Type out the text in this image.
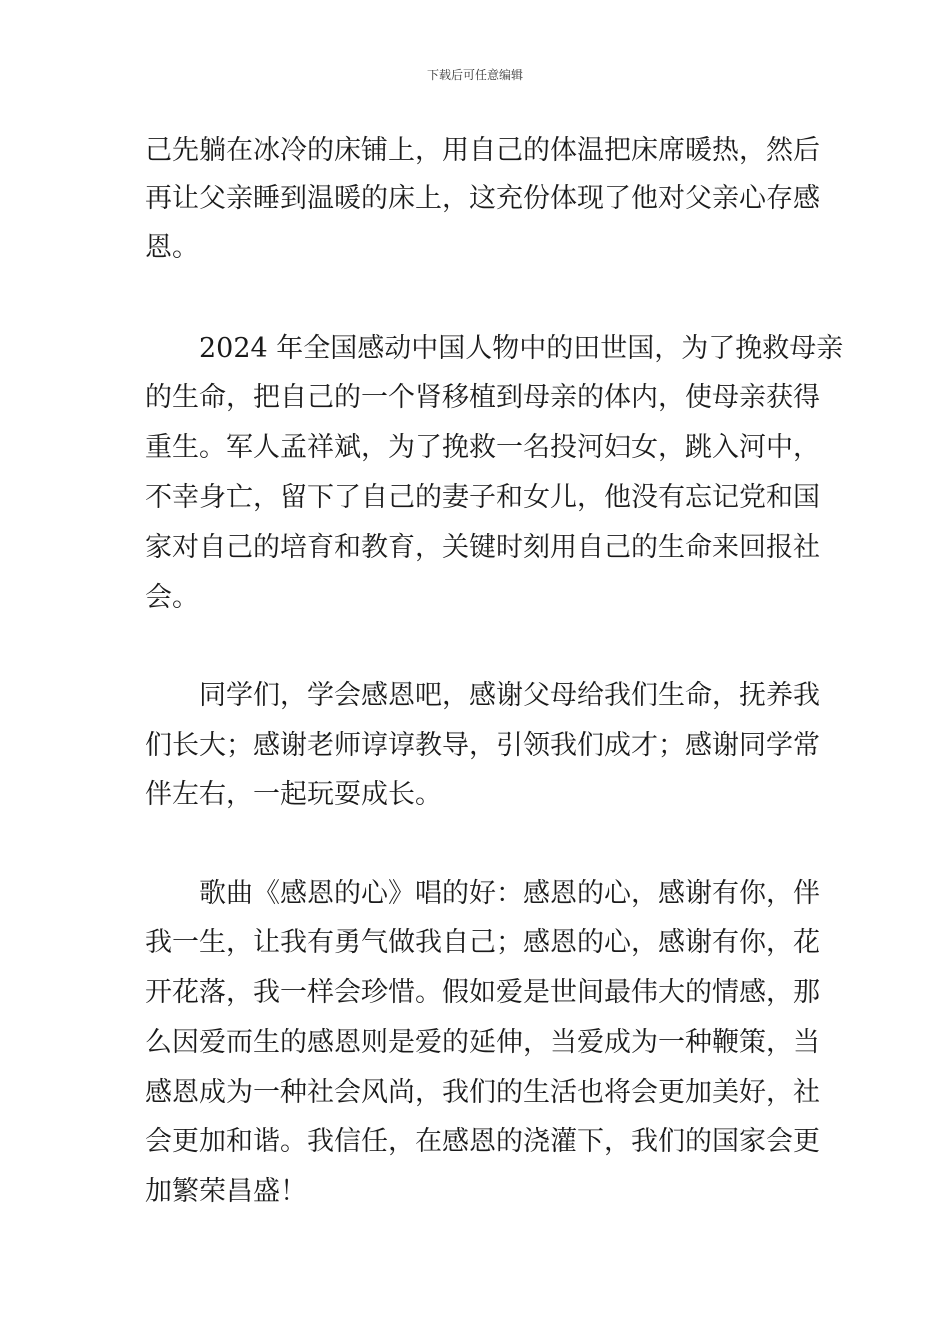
下载后可任意编辑
己先躺在冰冷的床铺上，用自己的体温把床席暖热，然后
再让父亲睡到温暖的床上，这充份体现了他对父亲心存感
恩。
2024 年全国感动中国人物中的田世国，为了挽救母亲
的生命，把自己的一个肾移植到母亲的体内，使母亲获得
重生。军人孟祥斌，为了挽救一名投河妇女，跳入河中，
不幸身亡，留下了自己的妻子和女儿，他没有忘记党和国
家对自己的培育和教育，关键时刻用自己的生命来回报社
会。
同学们，学会感恩吧，感谢父母给我们生命，抚养我
们长大；感谢老师谆谆教导，引领我们成才；感谢同学常
伴左右，一起玩耍成长。
歌曲《感恩的心》唱的好：感恩的心，感谢有你，伴
我一生，让我有勇气做我自己；感恩的心，感谢有你，花
开花落，我一样会珍惜。假如爱是世间最伟大的情感，那
么因爱而生的感恩则是爱的延伸，当爱成为一种鞭策，当
感恩成为一种社会风尚，我们的生活也将会更加美好，社
会更加和谐。我信任，在感恩的浇灌下，我们的国家会更
加繁荣昌盛！
